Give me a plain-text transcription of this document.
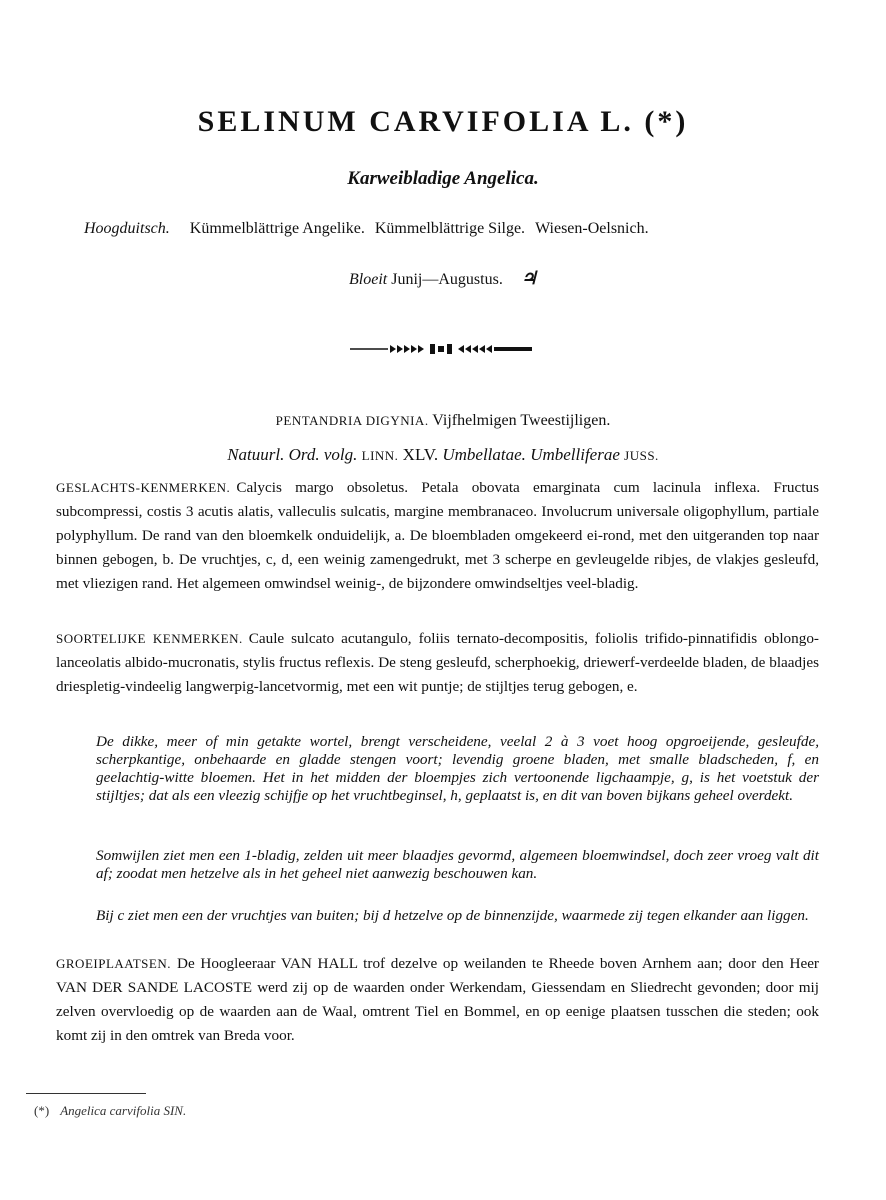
SELINUM CARVIFOLIA L. (*)
Karweibladige Angelica.
Hoogduitsch. Kümmelblättrige Angelike. Kümmelblättrige Silge. Wiesen-Oelsnich.
Bloeit Junij—Augustus. ♃
PENTANDRIA DIGYNIA. Vijfhelmigen Tweestijligen.
Natuurl. Ord. volg. LINN. XLV. Umbellatae. Umbelliferae JUSS.
GESLACHTS-KENMERKEN. Calycis margo obsoletus. Petala obovata emarginata cum lacinula inflexa. Fructus subcompressi, costis 3 acutis alatis, valleculis sulcatis, margine membranaceo. Involucrum universale oligophyllum, partiale polyphyllum. De rand van den bloemkelk onduidelijk, a. De bloembladen omgekeerd ei-rond, met den uitgeranden top naar binnen gebogen, b. De vruchtjes, c, d, een weinig zamengedrukt, met 3 scherpe en gevleugelde ribjes, de vlakjes gesleufd, met vliezigen rand. Het algemeen omwindsel weinig-, de bijzondere omwindseltjes veel-bladig.
SOORTELIJKE KENMERKEN. Caule sulcato acutangulo, foliis ternato-decompositis, foliolis trifido-pinnatifidis oblongo-lanceolatis albido-mucronatis, stylis fructus reflexis. De steng gesleufd, scherphoekig, driewerf-verdeelde bladen, de blaadjes driespletig-vindeelig langwerpig-lancetvormig, met een wit puntje; de stijltjes terug gebogen, e.
De dikke, meer of min getakte wortel, brengt verscheidene, veelal 2 à 3 voet hoog opgroeijende, gesleufde, scherpkantige, onbehaarde en gladde stengen voort; levendig groene bladen, met smalle bladscheden, f, en geelachtig-witte bloemen. Het in het midden der bloempjes zich vertoonende ligchaampje, g, is het voetstuk der stijltjes; dat als een vleezig schijfje op het vruchtbeginsel, h, geplaatst is, en dit van boven bijkans geheel overdekt.
Somwijlen ziet men een 1-bladig, zelden uit meer blaadjes gevormd, algemeen bloemwindsel, doch zeer vroeg valt dit af; zoodat men hetzelve als in het geheel niet aanwezig beschouwen kan.
Bij c ziet men een der vruchtjes van buiten; bij d hetzelve op de binnenzijde, waarmede zij tegen elkander aan liggen.
GROEIPLAATSEN. De Hoogleeraar VAN HALL trof dezelve op weilanden te Rheede boven Arnhem aan; door den Heer VAN DER SANDE LACOSTE werd zij op de waarden onder Werkendam, Giessendam en Sliedrecht gevonden; door mij zelven overvloedig op de waarden aan de Waal, omtrent Tiel en Bommel, en op eenige plaatsen tusschen die steden; ook komt zij in den omtrek van Breda voor.
(*) Angelica carvifolia SIN.
